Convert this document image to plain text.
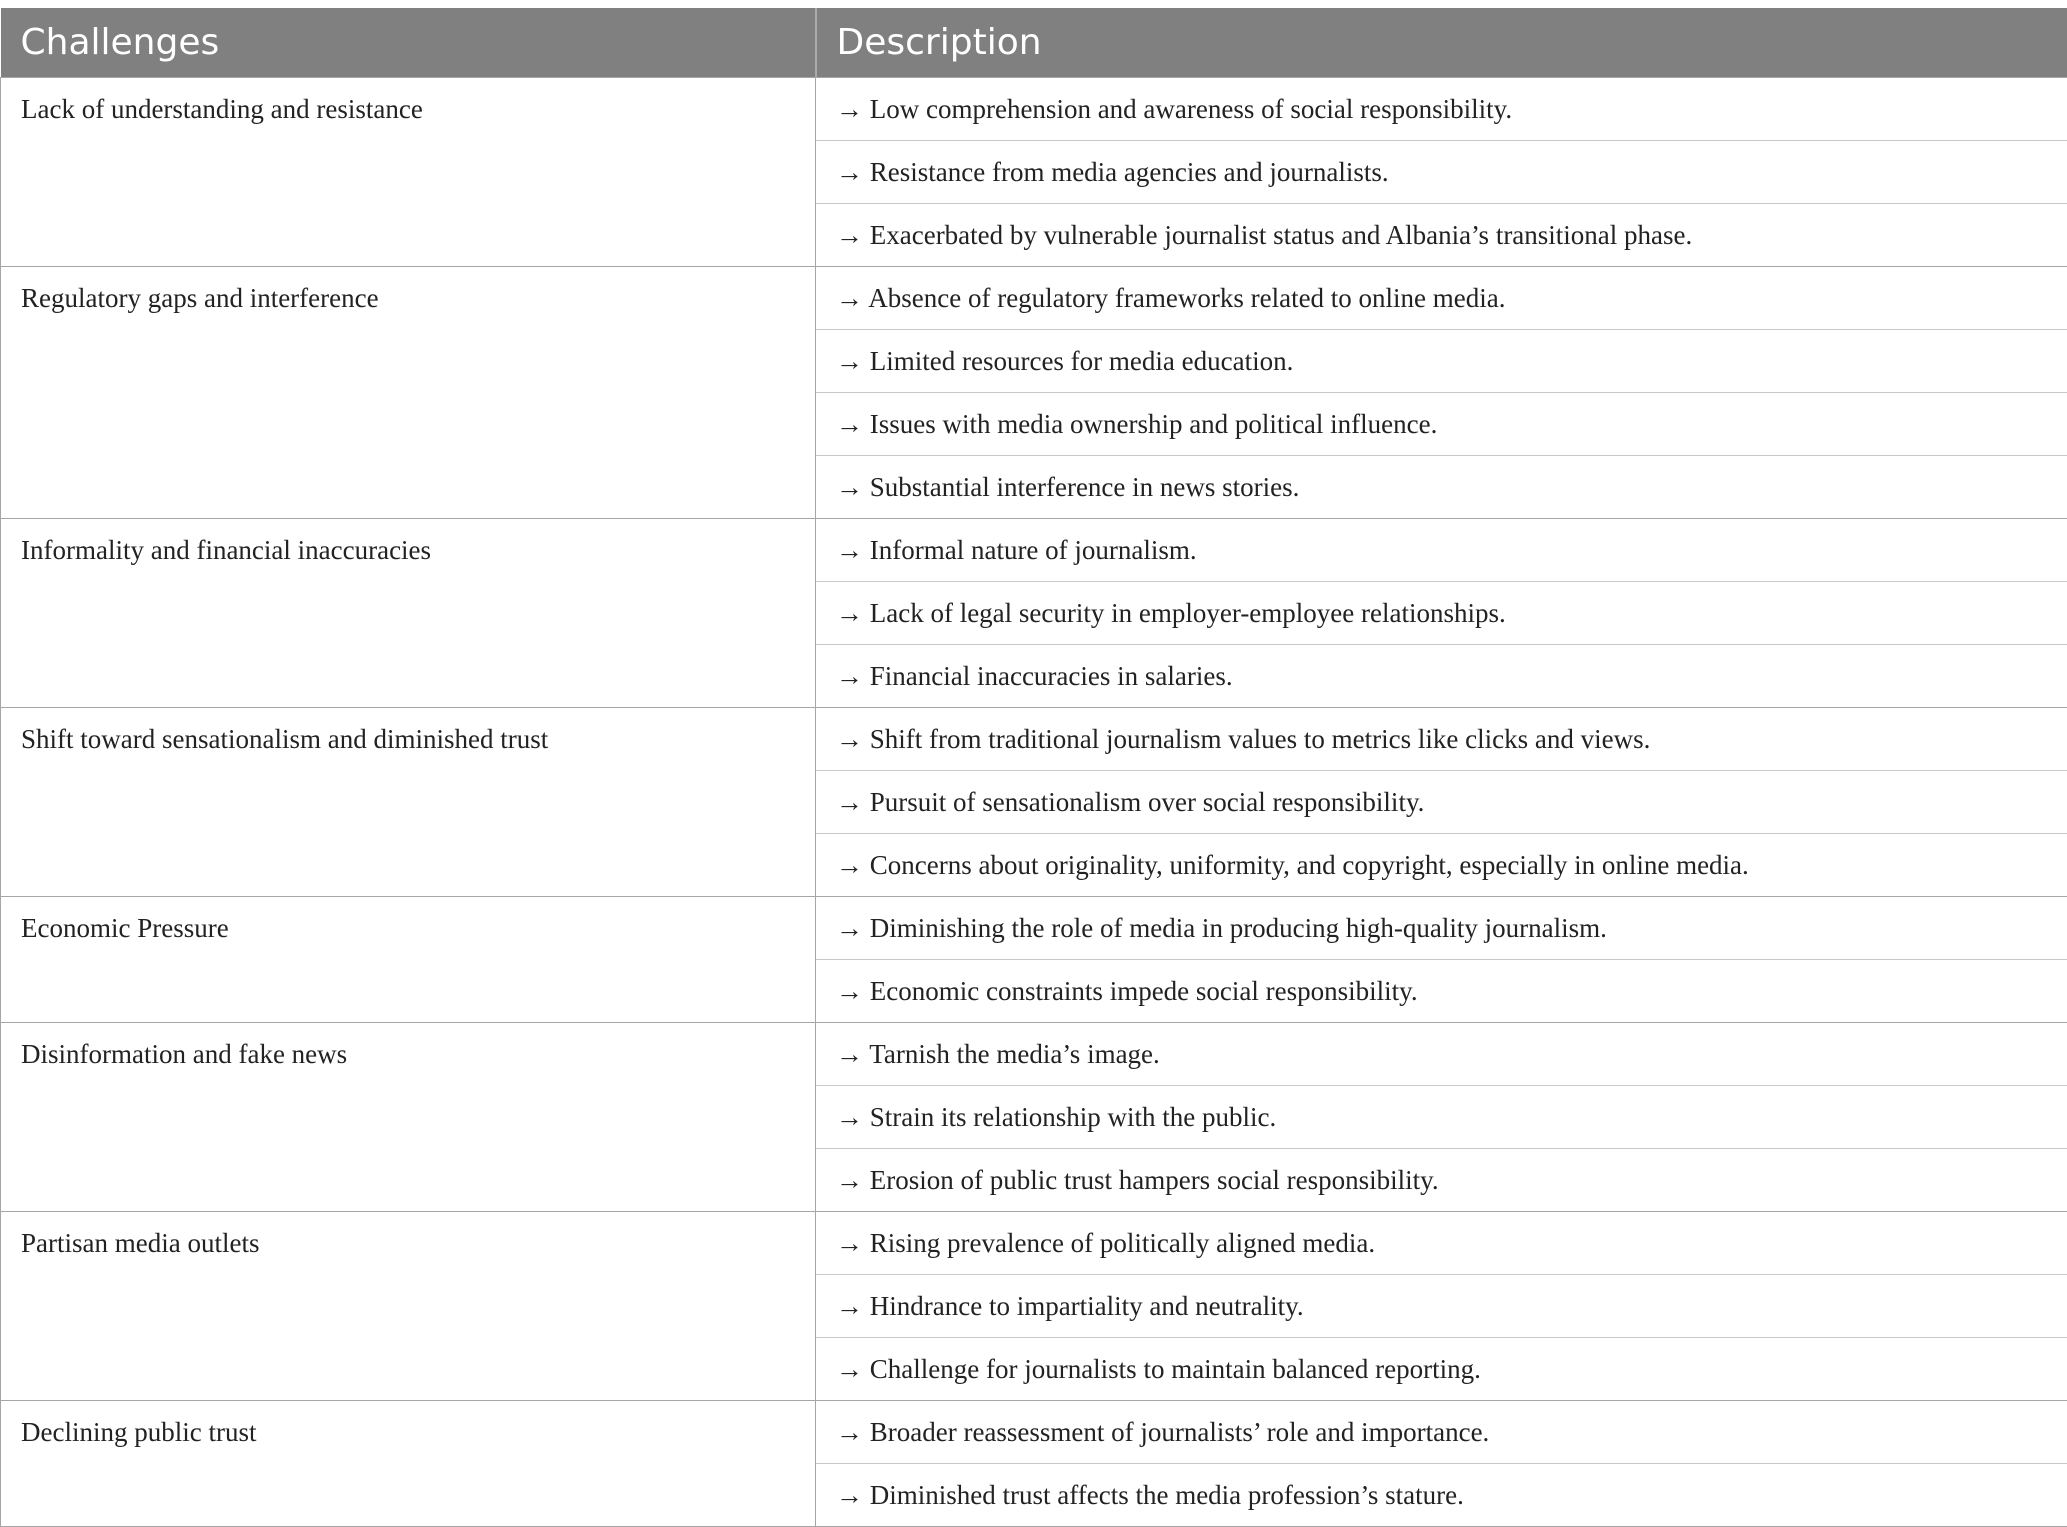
Challenges	Description
Lack of understanding and resistance	→ Low comprehension and awareness of social responsibility.
	→ Resistance from media agencies and journalists.
	→ Exacerbated by vulnerable journalist status and Albania’s transitional phase.
Regulatory gaps and interference	→ Absence of regulatory frameworks related to online media.
	→ Limited resources for media education.
	→ Issues with media ownership and political influence.
	→ Substantial interference in news stories.
Informality and financial inaccuracies	→ Informal nature of journalism.
	→ Lack of legal security in employer-employee relationships.
	→ Financial inaccuracies in salaries.
Shift toward sensationalism and diminished trust	→ Shift from traditional journalism values to metrics like clicks and views.
	→ Pursuit of sensationalism over social responsibility.
	→ Concerns about originality, uniformity, and copyright, especially in online media.
Economic Pressure	→ Diminishing the role of media in producing high-quality journalism.
	→ Economic constraints impede social responsibility.
Disinformation and fake news	→ Tarnish the media’s image.
	→ Strain its relationship with the public.
	→ Erosion of public trust hampers social responsibility.
Partisan media outlets	→ Rising prevalence of politically aligned media.
	→ Hindrance to impartiality and neutrality.
	→ Challenge for journalists to maintain balanced reporting.
Declining public trust	→ Broader reassessment of journalists’ role and importance.
	→ Diminished trust affects the media profession’s stature.
